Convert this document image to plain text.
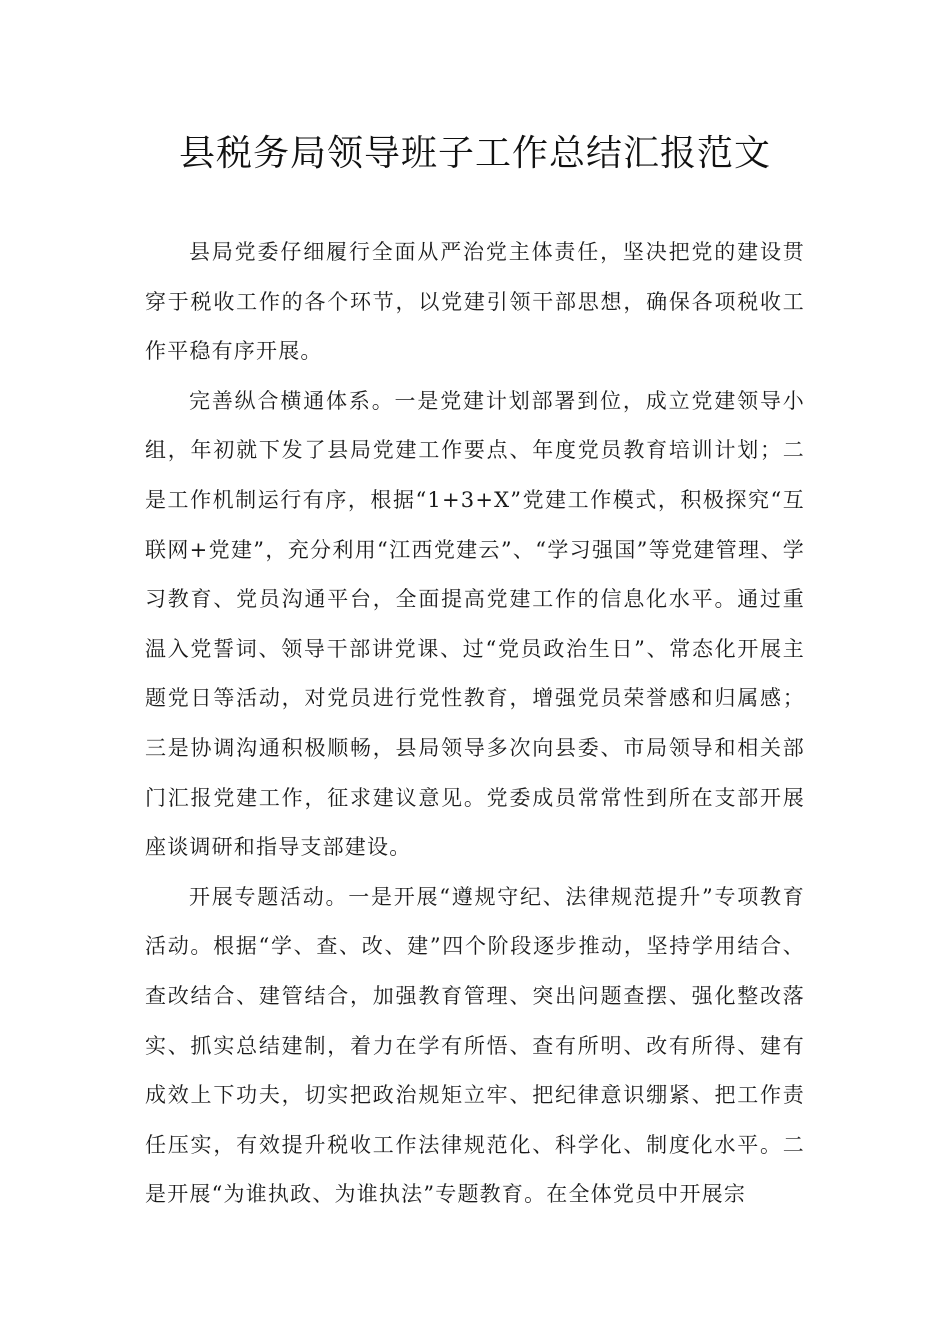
县税务局领导班子工作总结汇报范文

县局党委仔细履行全面从严治党主体责任，坚决把党的建设贯穿于税收工作的各个环节，以党建引领干部思想，确保各项税收工作平稳有序开展。

完善纵合横通体系。一是党建计划部署到位，成立党建领导小组，年初就下发了县局党建工作要点、年度党员教育培训计划；二是工作机制运行有序，根据“1+3+X”党建工作模式，积极探究“互联网+党建”，充分利用“江西党建云”、“学习强国”等党建管理、学习教育、党员沟通平台，全面提高党建工作的信息化水平。通过重温入党誓词、领导干部讲党课、过“党员政治生日”、常态化开展主题党日等活动，对党员进行党性教育，增强党员荣誉感和归属感；三是协调沟通积极顺畅，县局领导多次向县委、市局领导和相关部门汇报党建工作，征求建议意见。党委成员常常性到所在支部开展座谈调研和指导支部建设。

开展专题活动。一是开展“遵规守纪、法律规范提升”专项教育活动。根据“学、查、改、建”四个阶段逐步推动，坚持学用结合、查改结合、建管结合，加强教育管理、突出问题查摆、强化整改落实、抓实总结建制，着力在学有所悟、查有所明、改有所得、建有成效上下功夫，切实把政治规矩立牢、把纪律意识绷紧、把工作责任压实，有效提升税收工作法律规范化、科学化、制度化水平。二是开展“为谁执政、为谁执法”专题教育。在全体党员中开展宗
